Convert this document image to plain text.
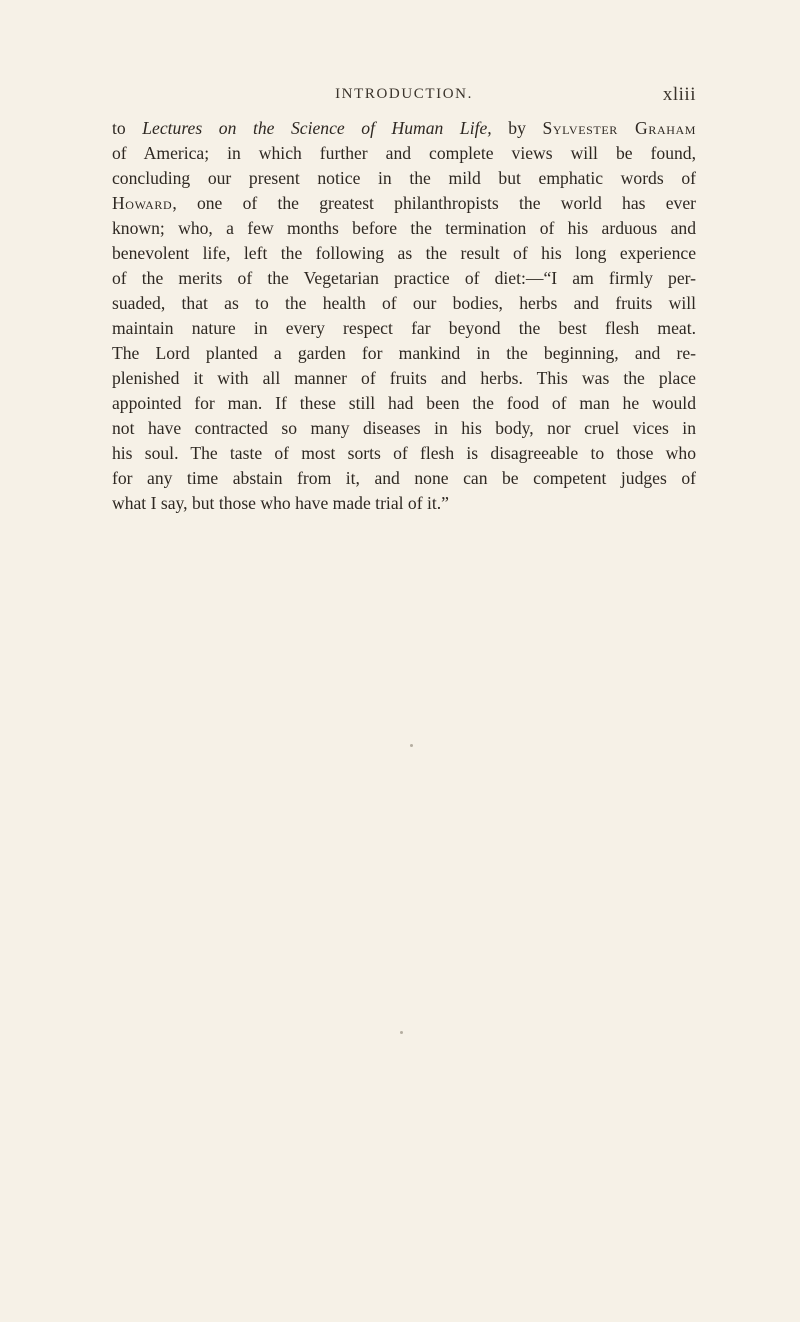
INTRODUCTION.	xliii
to Lectures on the Science of Human Life, by Sylvester Graham
of America; in which further and complete views will be found,
concluding our present notice in the mild but emphatic words of
Howard, one of the greatest philanthropists the world has ever
known; who, a few months before the termination of his arduous and
benevolent life, left the following as the result of his long experience
of the merits of the Vegetarian practice of diet:—“I am firmly per-
suaded, that as to the health of our bodies, herbs and fruits will
maintain nature in every respect far beyond the best flesh meat.
The Lord planted a garden for mankind in the beginning, and re-
plenished it with all manner of fruits and herbs. This was the place
appointed for man. If these still had been the food of man he would
not have contracted so many diseases in his body, nor cruel vices in
his soul. The taste of most sorts of flesh is disagreeable to those who
for any time abstain from it, and none can be competent judges of
what I say, but those who have made trial of it.”
